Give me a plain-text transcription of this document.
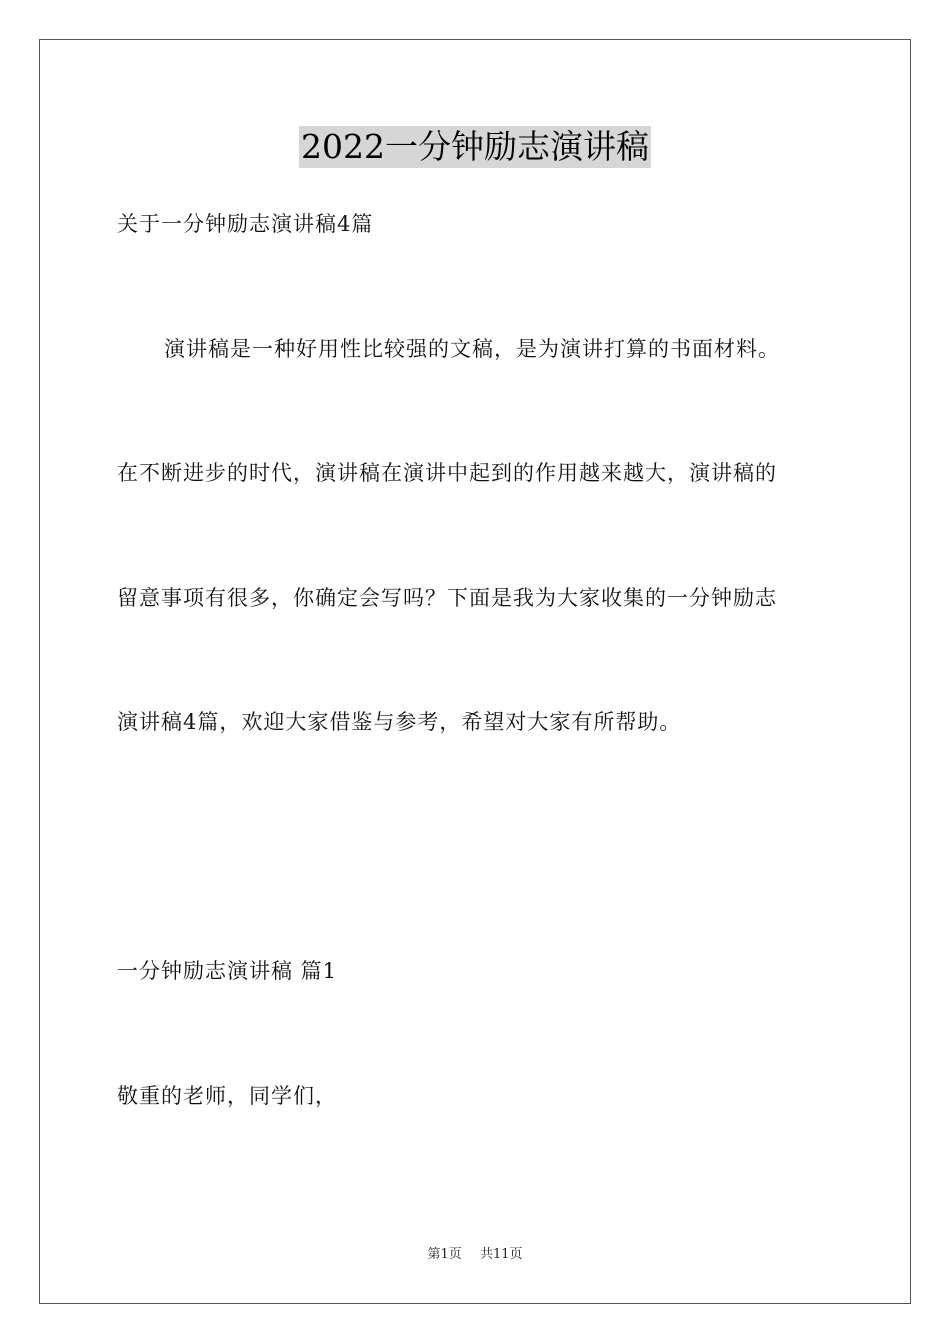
2022一分钟励志演讲稿
关于一分钟励志演讲稿4篇
演讲稿是一种好用性比较强的文稿，是为演讲打算的书面材料。
在不断进步的时代，演讲稿在演讲中起到的作用越来越大，演讲稿的
留意事项有很多，你确定会写吗？下面是我为大家收集的一分钟励志
演讲稿4篇，欢迎大家借鉴与参考，希望对大家有所帮助。
一分钟励志演讲稿 篇1
敬重的老师，同学们，
第1页 共11页
